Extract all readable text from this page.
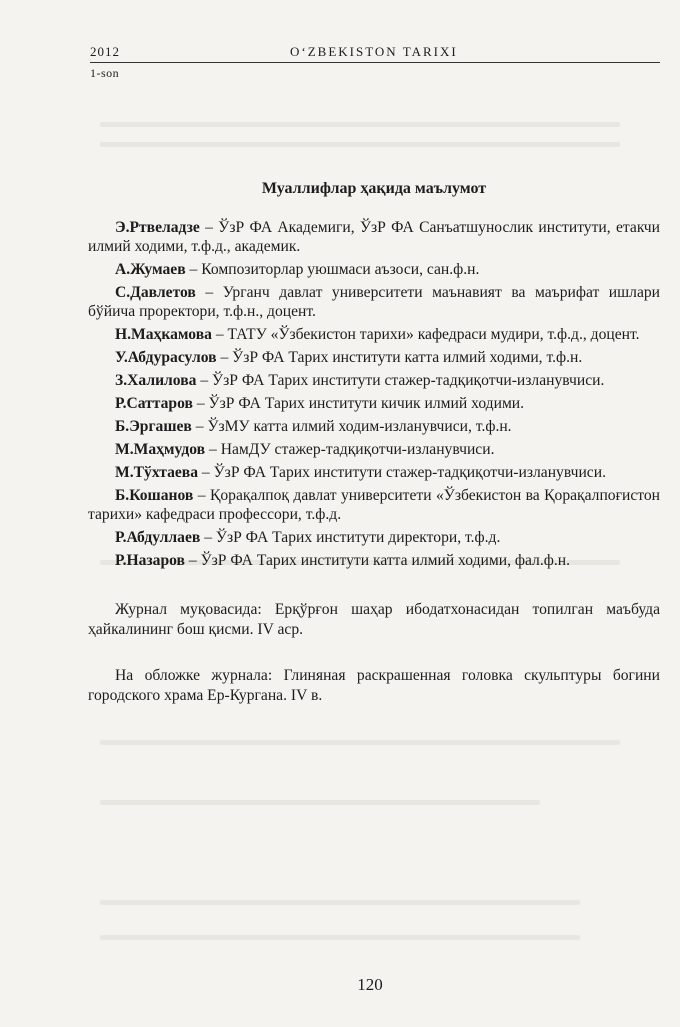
2012	O‘ZBEKISTON TARIXI
1-son
Муаллифлар ҳақида маълумот

Э.Ртвеладзе – ЎзР ФА Академиги, ЎзР ФА Санъатшунослик институти, етакчи илмий ходими, т.ф.д., академик.

А.Жумаев – Композиторлар уюшмаси аъзоси, сан.ф.н.

С.Давлетов – Урганч давлат университети маънавият ва маърифат ишлари бўйича проректори, т.ф.н., доцент.

Н.Маҳкамова – ТАТУ «Ўзбекистон тарихи» кафедраси мудири, т.ф.д., доцент.

У.Абдурасулов – ЎзР ФА Тарих институти катта илмий ходими, т.ф.н.

З.Халилова – ЎзР ФА Тарих институти стажер-тадқиқотчи-изланувчиси.

Р.Саттаров – ЎзР ФА Тарих институти кичик илмий ходими.

Б.Эргашев – ЎзМУ катта илмий ходим-изланувчиси, т.ф.н.

М.Маҳмудов – НамДУ стажер-тадқиқотчи-изланувчиси.

М.Тўхтаева – ЎзР ФА Тарих институти стажер-тадқиқотчи-изланувчиси.

Б.Кошанов – Қорақалпоқ давлат университети «Ўзбекистон ва Қорақалпоғистон тарихи» кафедраси профессори, т.ф.д.

Р.Абдуллаев – ЎзР ФА Тарих институти директори, т.ф.д.

Р.Назаров – ЎзР ФА Тарих институти катта илмий ходими, фал.ф.н.

Журнал муқовасида: Ерқўрғон шаҳар ибодатхонасидан топилган маъбуда ҳайкалининг бош қисми. IV аср.

На обложке журнала: Глиняная раскрашенная головка скульптуры богини городского храма Ер-Кургана. IV в.

120
